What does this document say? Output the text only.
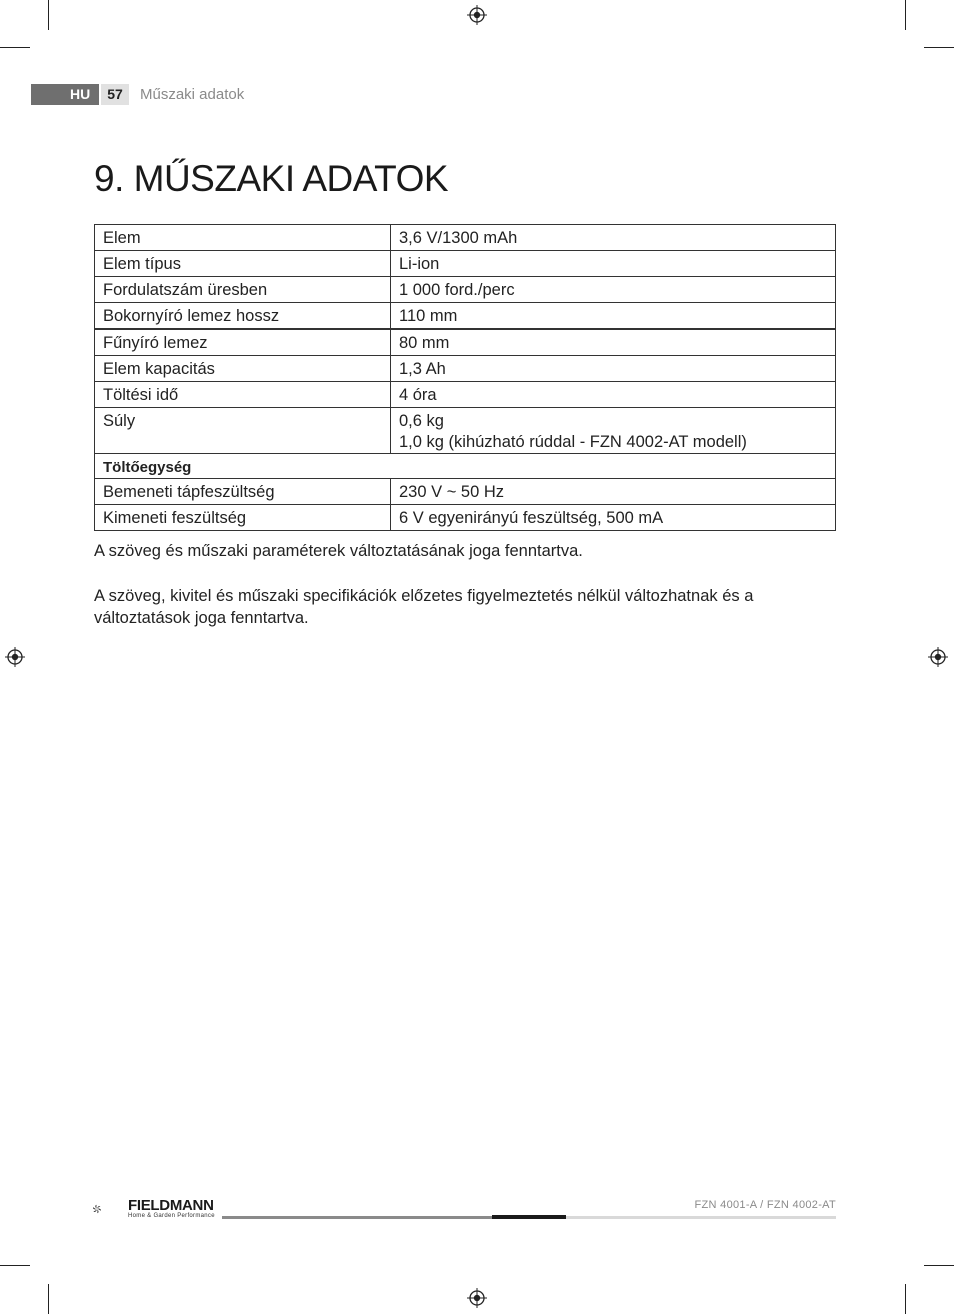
HU	57	Műszaki adatok
9. MŰSZAKI ADATOK
Elem	3,6 V/1300 mAh
Elem típus	Li-ion
Fordulatszám üresben	1 000 ford./perc
Bokornyíró lemez hossz	110 mm
Fűnyíró lemez	80 mm
Elem kapacitás	1,3 Ah
Töltési idő	4 óra
Súly	0,6 kg
1,0 kg (kihúzható rúddal - FZN 4002-AT modell)

Töltőegység	
Bemeneti tápfeszültség	230 V ~ 50 Hz
Kimeneti feszültség	6 V egyenirányú feszültség, 500 mA

A szöveg és műszaki paraméterek változtatásának joga fenntartva.

A szöveg, kivitel és műszaki specifikációk előzetes figyelmeztetés nélkül változhatnak és a változtatások joga fenntartva.

FIELDMANN
Home & Garden Performance
FZN 4001-A / FZN 4002-AT
